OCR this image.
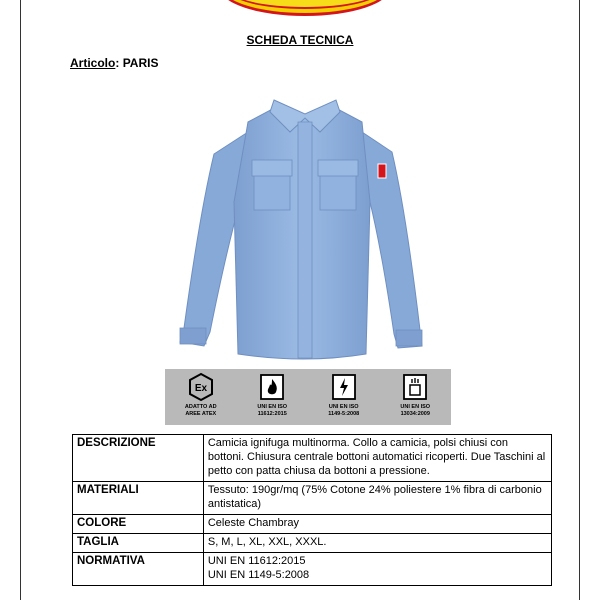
SCHEDA TECNICA
Articolo: PARIS
Ex
ADATTO AD
AREE ATEX
UNI EN ISO
11612:2015
UNI EN ISO
1149-5:2008
UNI EN ISO
13034:2009
DESCRIZIONE	Camicia ignifuga multinorma. Collo a camicia, polsi chiusi con bottoni. Chiusura centrale bottoni automatici ricoperti. Due Taschini al petto con patta chiusa da bottoni a pressione.

MATERIALI	Tessuto: 190gr/mq (75% Cotone 24% poliestere 1% fibra di carbonio antistatica)

COLORE	Celeste Chambray

TAGLIA	S, M, L, XL, XXL, XXXL.

NORMATIVA	UNI EN 11612:2015
UNI EN 1149-5:2008
